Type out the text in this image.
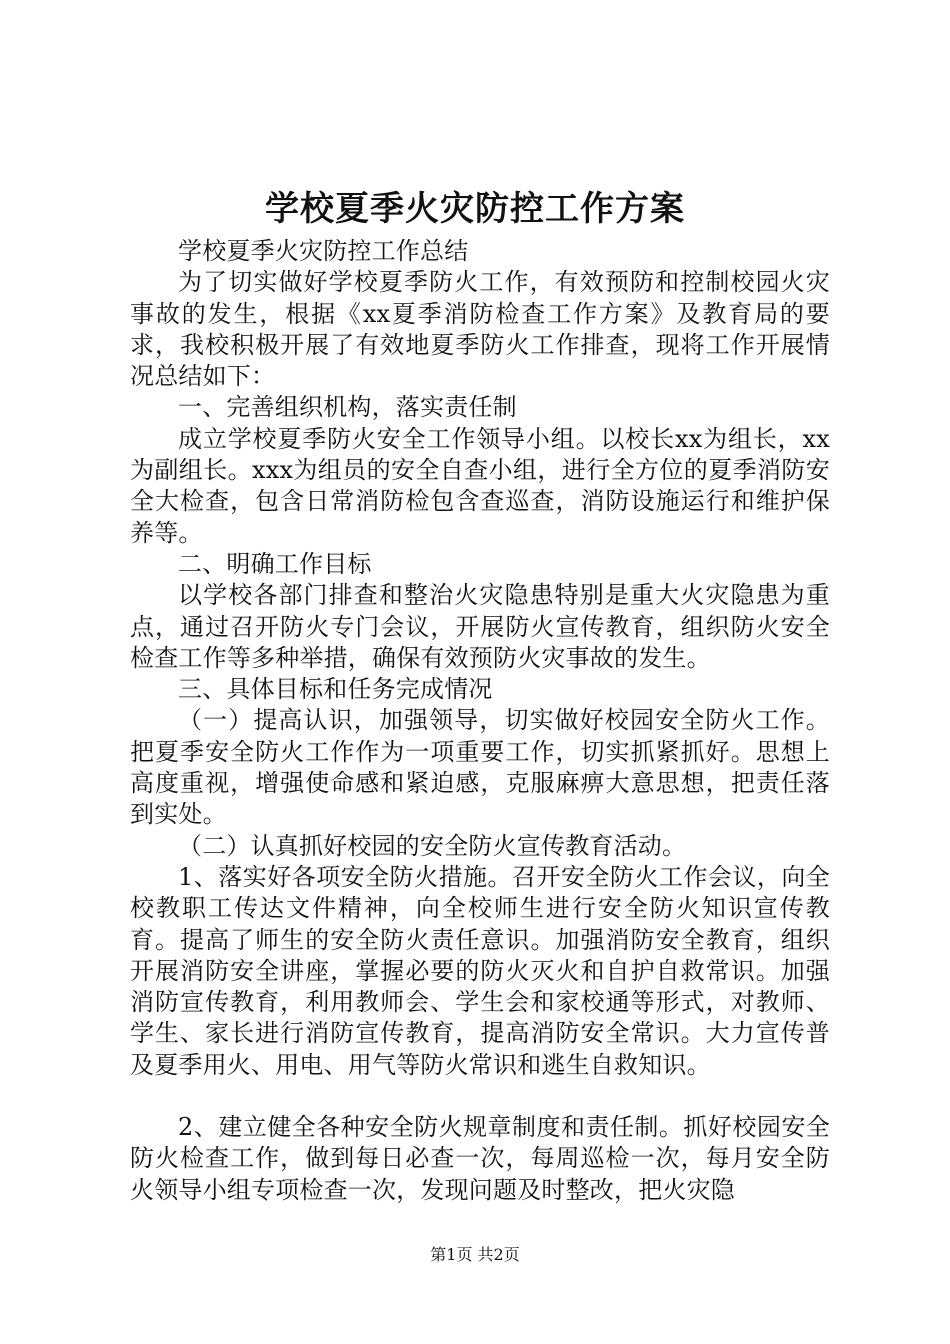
学校夏季火灾防控工作方案

学校夏季火灾防控工作总结

为了切实做好学校夏季防火工作，有效预防和控制校园火灾事故的发生，根据《xx夏季消防检查工作方案》及教育局的要求，我校积极开展了有效地夏季防火工作排查，现将工作开展情况总结如下：

一、完善组织机构，落实责任制

成立学校夏季防火安全工作领导小组。以校长xx为组长，xx为副组长。xxx为组员的安全自查小组，进行全方位的夏季消防安全大检查，包含日常消防检包含查巡查，消防设施运行和维护保养等。

二、明确工作目标

以学校各部门排查和整治火灾隐患特别是重大火灾隐患为重点，通过召开防火专门会议，开展防火宣传教育，组织防火安全检查工作等多种举措，确保有效预防火灾事故的发生。

三、具体目标和任务完成情况

（一）提高认识，加强领导，切实做好校园安全防火工作。把夏季安全防火工作作为一项重要工作，切实抓紧抓好。思想上高度重视，增强使命感和紧迫感，克服麻痹大意思想，把责任落到实处。

（二）认真抓好校园的安全防火宣传教育活动。

1、落实好各项安全防火措施。召开安全防火工作会议，向全校教职工传达文件精神，向全校师生进行安全防火知识宣传教育。提高了师生的安全防火责任意识。加强消防安全教育，组织开展消防安全讲座，掌握必要的防火灭火和自护自救常识。加强消防宣传教育，利用教师会、学生会和家校通等形式，对教师、学生、家长进行消防宣传教育，提高消防安全常识。大力宣传普及夏季用火、用电、用气等防火常识和逃生自救知识。

2、建立健全各种安全防火规章制度和责任制。抓好校园安全防火检查工作，做到每日必查一次，每周巡检一次，每月安全防火领导小组专项检查一次，发现问题及时整改，把火灾隐

第1页 共2页
